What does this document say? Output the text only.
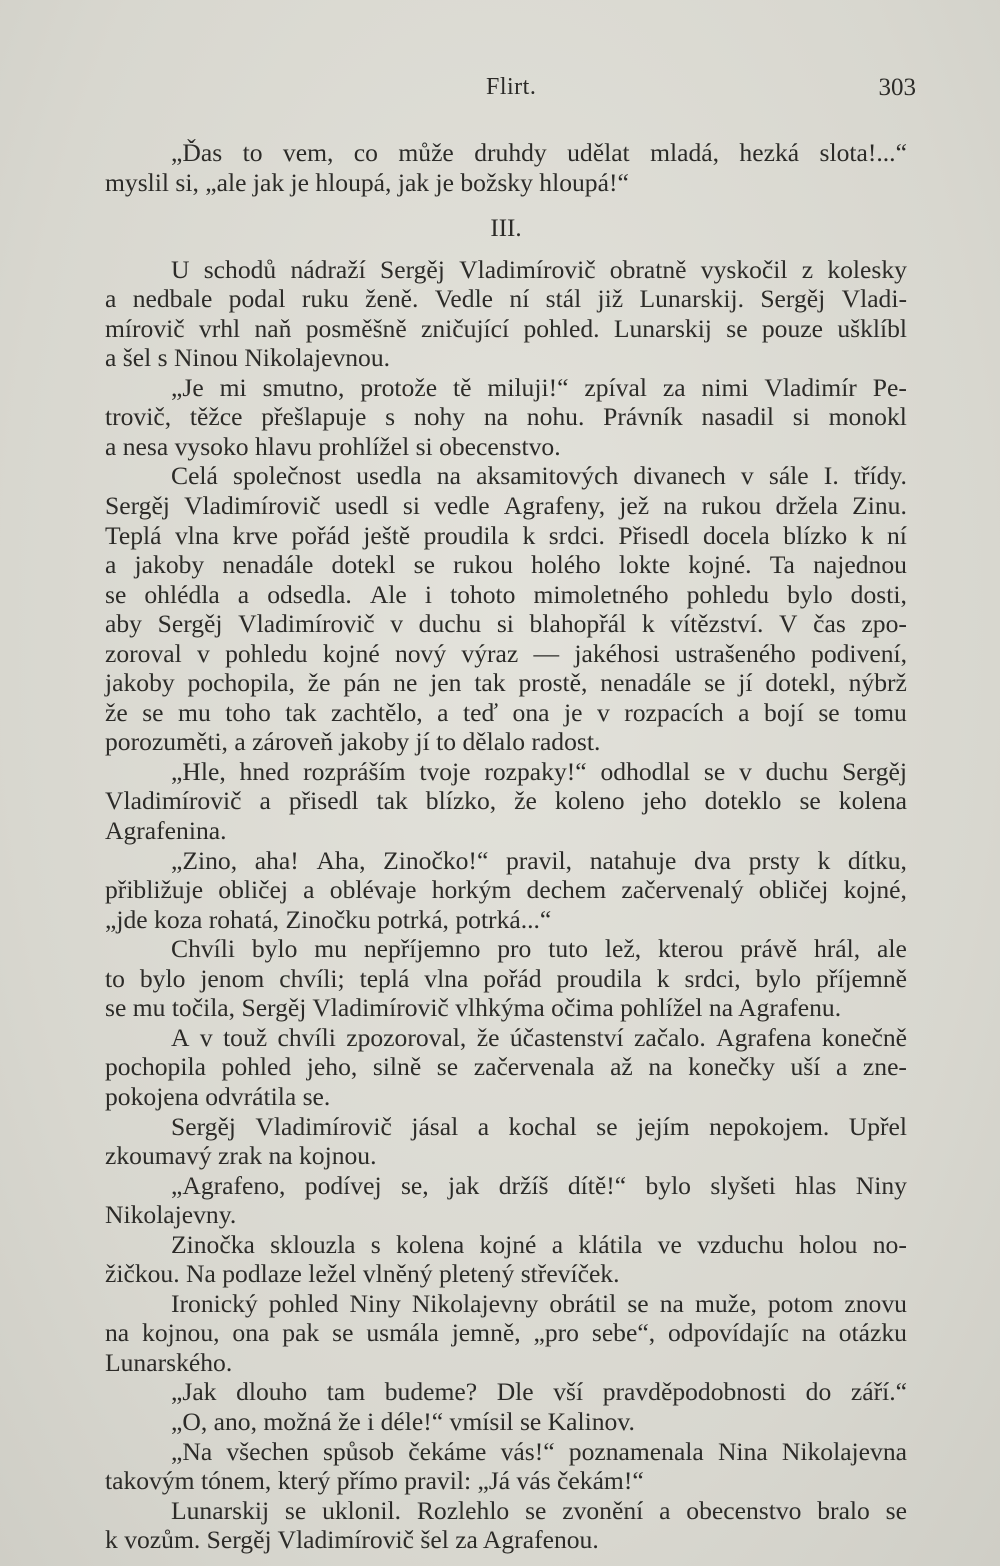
Flirt.	303
„Ďas to vem, co může druhdy udělat mladá, hezká slota!...“
myslil si, „ale jak je hloupá, jak je božsky hloupá!“
III.
U schodů nádraží Sergěj Vladimírovič obratně vyskočil z kolesky
a nedbale podal ruku ženě. Vedle ní stál již Lunarskij. Sergěj Vladi-
mírovič vrhl naň posměšně zničující pohled. Lunarskij se pouze ušklíbl
a šel s Ninou Nikolajevnou.
„Je mi smutno, protože tě miluji!“ zpíval za nimi Vladimír Pe-
trovič, těžce přešlapuje s nohy na nohu. Právník nasadil si monokl
a nesa vysoko hlavu prohlížel si obecenstvo.
Celá společnost usedla na aksamitových divanech v sále I. třídy.
Sergěj Vladimírovič usedl si vedle Agrafeny, jež na rukou držela Zinu.
Teplá vlna krve pořád ještě proudila k srdci. Přisedl docela blízko k ní
a jakoby nenadále dotekl se rukou holého lokte kojné. Ta najednou
se ohlédla a odsedla. Ale i tohoto mimoletného pohledu bylo dosti,
aby Sergěj Vladimírovič v duchu si blahopřál k vítězství. V čas zpo-
zoroval v pohledu kojné nový výraz — jakéhosi ustrašeného podivení,
jakoby pochopila, že pán ne jen tak prostě, nenadále se jí dotekl, nýbrž
že se mu toho tak zachtělo, a teď ona je v rozpacích a bojí se tomu
porozuměti, a zároveň jakoby jí to dělalo radost.
„Hle, hned rozpráším tvoje rozpaky!“ odhodlal se v duchu Sergěj
Vladimírovič a přisedl tak blízko, že koleno jeho doteklo se kolena
Agrafenina.
„Zino, aha! Aha, Zinočko!“ pravil, natahuje dva prsty k dítku,
přibližuje obličej a oblévaje horkým dechem začervenalý obličej kojné,
„jde koza rohatá, Zinočku potrká, potrká...“
Chvíli bylo mu nepříjemno pro tuto lež, kterou právě hrál, ale
to bylo jenom chvíli; teplá vlna pořád proudila k srdci, bylo příjemně
se mu točila, Sergěj Vladimírovič vlhkýma očima pohlížel na Agrafenu.
A v touž chvíli zpozoroval, že účastenství začalo. Agrafena konečně
pochopila pohled jeho, silně se začervenala až na konečky uší a zne-
pokojena odvrátila se.
Sergěj Vladimírovič jásal a kochal se jejím nepokojem. Upřel
zkoumavý zrak na kojnou.
„Agrafeno, podívej se, jak držíš dítě!“ bylo slyšeti hlas Niny
Nikolajevny.
Zinočka sklouzla s kolena kojné a klátila ve vzduchu holou no-
žičkou. Na podlaze ležel vlněný pletený střevíček.
Ironický pohled Niny Nikolajevny obrátil se na muže, potom znovu
na kojnou, ona pak se usmála jemně, „pro sebe“, odpovídajíc na otázku
Lunarského.
„Jak dlouho tam budeme? Dle vší pravděpodobnosti do září.“
„O, ano, možná že i déle!“ vmísil se Kalinov.
„Na všechen spůsob čekáme vás!“ poznamenala Nina Nikolajevna
takovým tónem, který přímo pravil: „Já vás čekám!“
Lunarskij se uklonil. Rozlehlo se zvonění a obecenstvo bralo se
k vozům. Sergěj Vladimírovič šel za Agrafenou.
